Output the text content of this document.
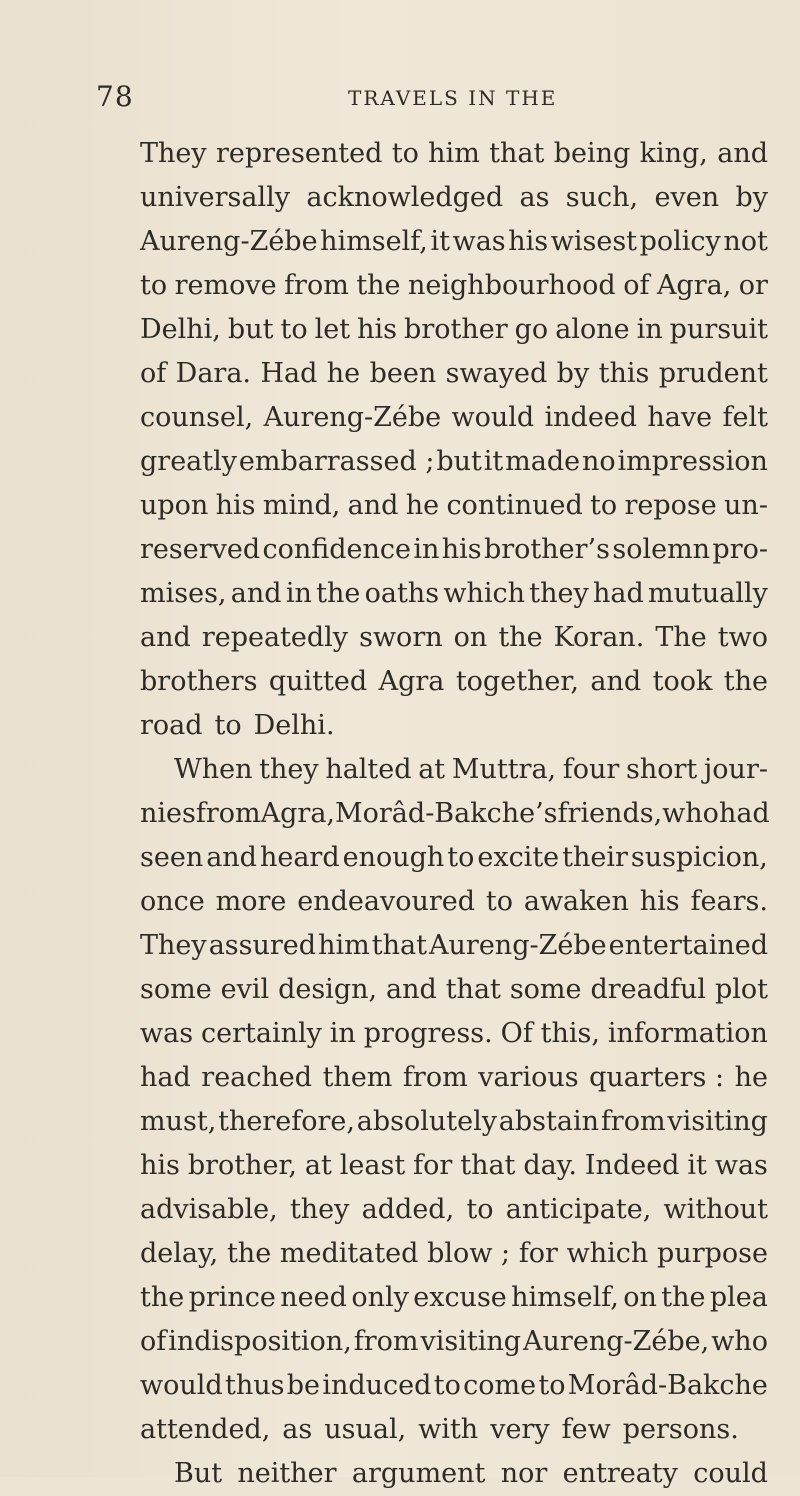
78	TRAVELS IN THE
They represented to him that being king, and
universally acknowledged as such, even by
Aureng-Zébe himself, it was his wisest policy not
to remove from the neighbourhood of Agra, or
Delhi, but to let his brother go alone in pursuit
of Dara. Had he been swayed by this prudent
counsel, Aureng-Zébe would indeed have felt
greatly embarrassed ; but it made no impression
upon his mind, and he continued to repose un-
reserved confidence in his brother’s solemn pro-
mises, and in the oaths which they had mutually
and repeatedly sworn on the Koran. The two
brothers quitted Agra together, and took the
road to Delhi.
When they halted at Muttra, four short jour-
nies from Agra, Morâd-Bakche’s friends, who had
seen and heard enough to excite their suspicion,
once more endeavoured to awaken his fears.
They assured him that Aureng-Zébe entertained
some evil design, and that some dreadful plot
was certainly in progress. Of this, information
had reached them from various quarters : he
must, therefore, absolutely abstain from visiting
his brother, at least for that day. Indeed it was
advisable, they added, to anticipate, without
delay, the meditated blow ; for which purpose
the prince need only excuse himself, on the plea
of indisposition, from visiting Aureng-Zébe, who
would thus be induced to come to Morâd-Bakche
attended, as usual, with very few persons.
But neither argument nor entreaty could
